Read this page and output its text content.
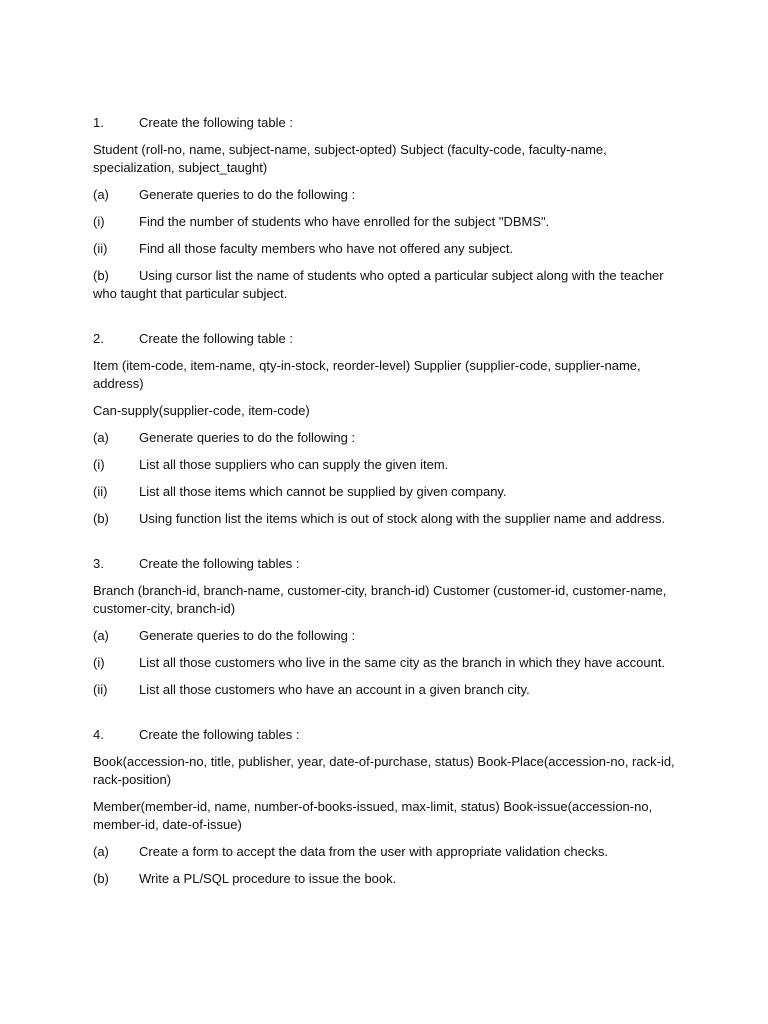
1.	Create the following table :
Student (roll-no, name, subject-name, subject-opted) Subject (faculty-code, faculty-name, specialization, subject_taught)
(a)	Generate queries to do the following :
(i)	Find the number of students who have enrolled for the subject "DBMS".
(ii)	Find all those faculty members who have not offered any subject.
(b) Using cursor list the name of students who opted a particular subject along with the teacher who taught that particular subject.
2.	Create the following table :
Item (item-code, item-name, qty-in-stock, reorder-level) Supplier (supplier-code, supplier-name, address)
Can-supply(supplier-code, item-code)
(a)	Generate queries to do the following :
(i)	List all those suppliers who can supply the given item.
(ii)	List all those items which cannot be supplied by given company.
(b)	Using function list the items which is out of stock along with the supplier name and address.
3.	Create the following tables :
Branch (branch-id, branch-name, customer-city, branch-id) Customer (customer-id, customer-name, customer-city, branch-id)
(a)	Generate queries to do the following :
(i)	List all those customers who live in the same city as the branch in which they have account.
(ii)	List all those customers who have an account in a given branch city.
4.	Create the following tables :
Book(accession-no, title, publisher, year, date-of-purchase, status) Book-Place(accession-no, rack-id, rack-position)
Member(member-id, name, number-of-books-issued, max-limit, status) Book-issue(accession-no, member-id, date-of-issue)
(a)	Create a form to accept the data from the user with appropriate validation checks.
(b)	Write a PL/SQL procedure to issue the book.
